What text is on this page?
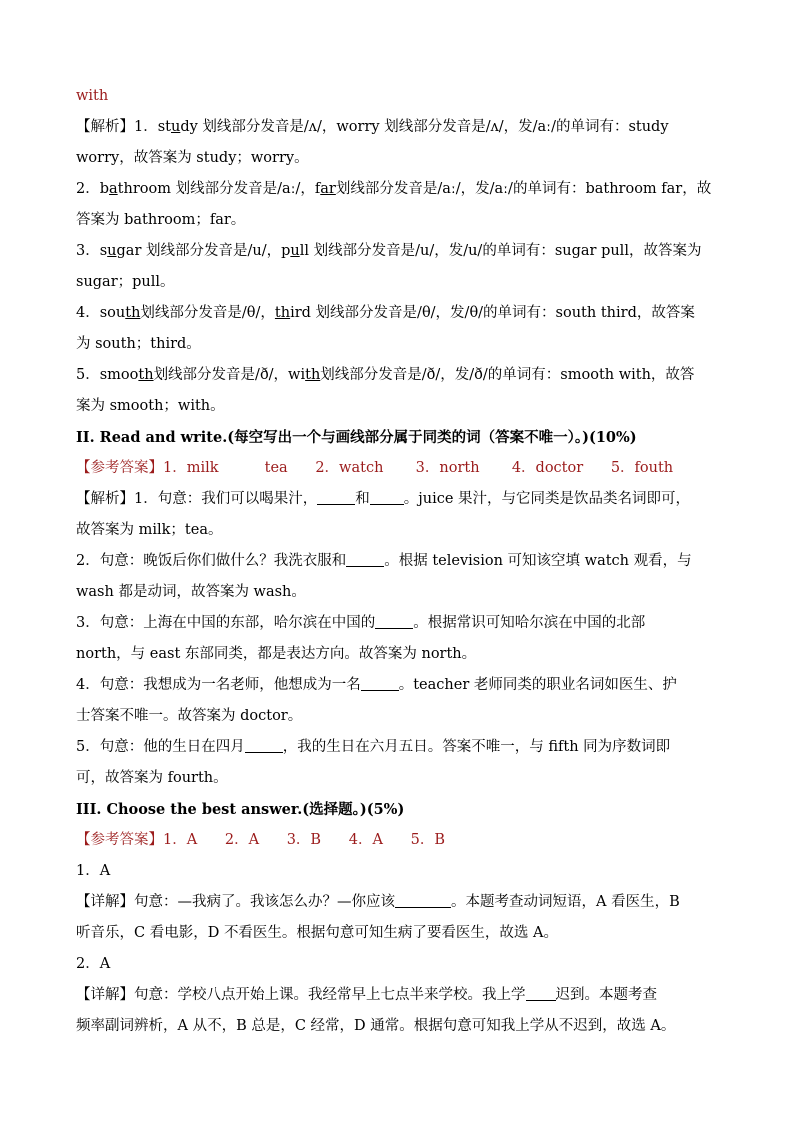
with
【解析】1．study 划线部分发音是/ʌ/，worry 划线部分发音是/ʌ/，发/aː/的单词有：study
worry，故答案为 study；worry。
2．bathroom 划线部分发音是/aː/，far划线部分发音是/aː/，发/aː/的单词有：bathroom far，故
答案为 bathroom；far。
3．sugar 划线部分发音是/u/，pull 划线部分发音是/u/，发/u/的单词有：sugar pull，故答案为
sugar；pull。
4．south划线部分发音是/θ/，third 划线部分发音是/θ/，发/θ/的单词有：south third，故答案
为 south；third。
5．smooth划线部分发音是/ð/，with划线部分发音是/ð/，发/ð/的单词有：smooth with，故答
案为 smooth；with。
II. Read and write.(每空写出一个与画线部分属于同类的词（答案不唯一）。)(10%)
【参考答案】1．milk          tea      2．watch       3．north       4．doctor      5．fouth
【解析】1．句意：我们可以喝果汁，	和 。juice 果汁，与它同类是饮品类名词即可，
故答案为 milk；tea。
2．句意：晚饭后你们做什么？我洗衣服和	。根据 television 可知该空填 watch 观看，与
wash 都是动词，故答案为 wash。
3．句意：上海在中国的东部，哈尔滨在中国的	。根据常识可知哈尔滨在中国的北部
north，与 east 东部同类，都是表达方向。故答案为 north。
4．句意：我想成为一名老师，他想成为一名	。teacher 老师同类的职业名词如医生、护
士答案不唯一。故答案为 doctor。
5．句意：他的生日在四月	，我的生日在六月五日。答案不唯一，与 fifth 同为序数词即
可，故答案为 fourth。
III. Choose the best answer.(选择题。)(5%)
【参考答案】1．A      2．A      3．B      4．A      5．B
1．A
【详解】句意：—我病了。我该怎么办？—你应该	。本题考查动词短语，A 看医生，B
听音乐，C 看电影，D 不看医生。根据句意可知生病了要看医生，故选 A。
2．A
【详解】句意：学校八点开始上课。我经常早上七点半来学校。我上学 迟到。本题考查
频率副词辨析，A 从不，B 总是，C 经常，D 通常。根据句意可知我上学从不迟到，故选 A。
